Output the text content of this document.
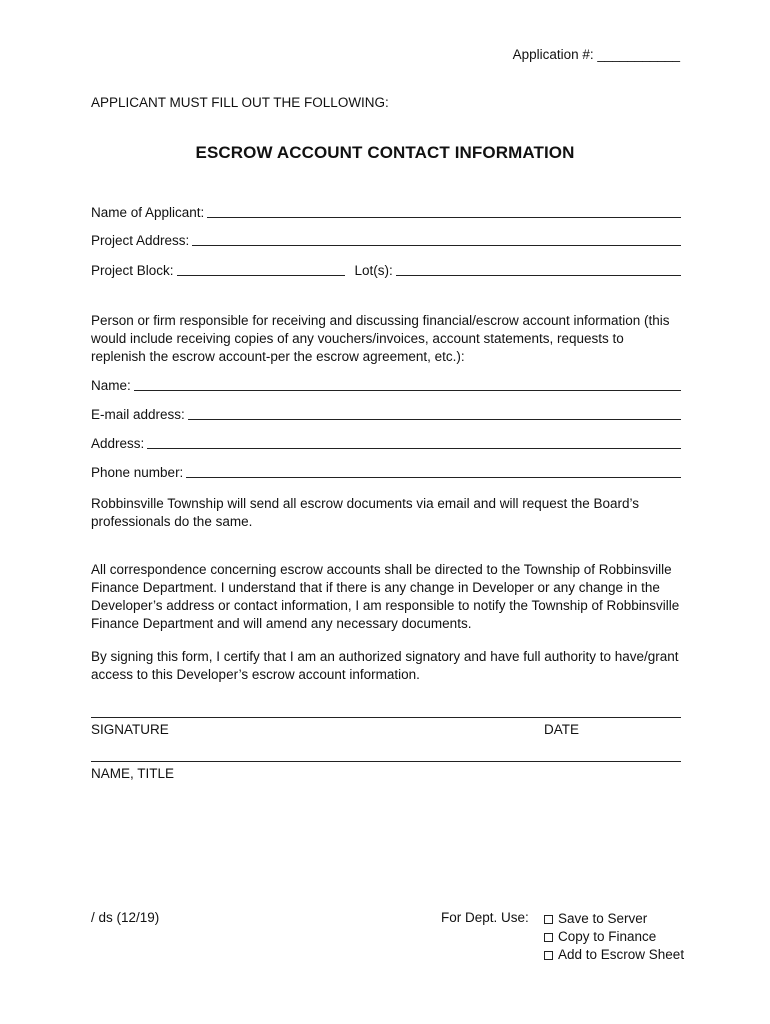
Application #: ___________
APPLICANT MUST FILL OUT THE FOLLOWING:
ESCROW ACCOUNT CONTACT INFORMATION
Name of Applicant:
Project Address:
Project Block:	Lot(s):
Person or firm responsible for receiving and discussing financial/escrow account information (this would include receiving copies of any vouchers/invoices, account statements, requests to replenish the escrow account-per the escrow agreement, etc.):
Name:
E-mail address:
Address:
Phone number:
Robbinsville Township will send all escrow documents via email and will request the Board’s professionals do the same.
All correspondence concerning escrow accounts shall be directed to the Township of Robbinsville Finance Department. I understand that if there is any change in Developer or any change in the Developer’s address or contact information, I am responsible to notify the Township of Robbinsville Finance Department and will amend any necessary documents.
By signing this form, I certify that I am an authorized signatory and have full authority to have/grant access to this Developer’s escrow account information.
SIGNATURE	DATE
NAME, TITLE
/ ds (12/19)	For Dept. Use: Save to Server
Copy to Finance
Add to Escrow Sheet
